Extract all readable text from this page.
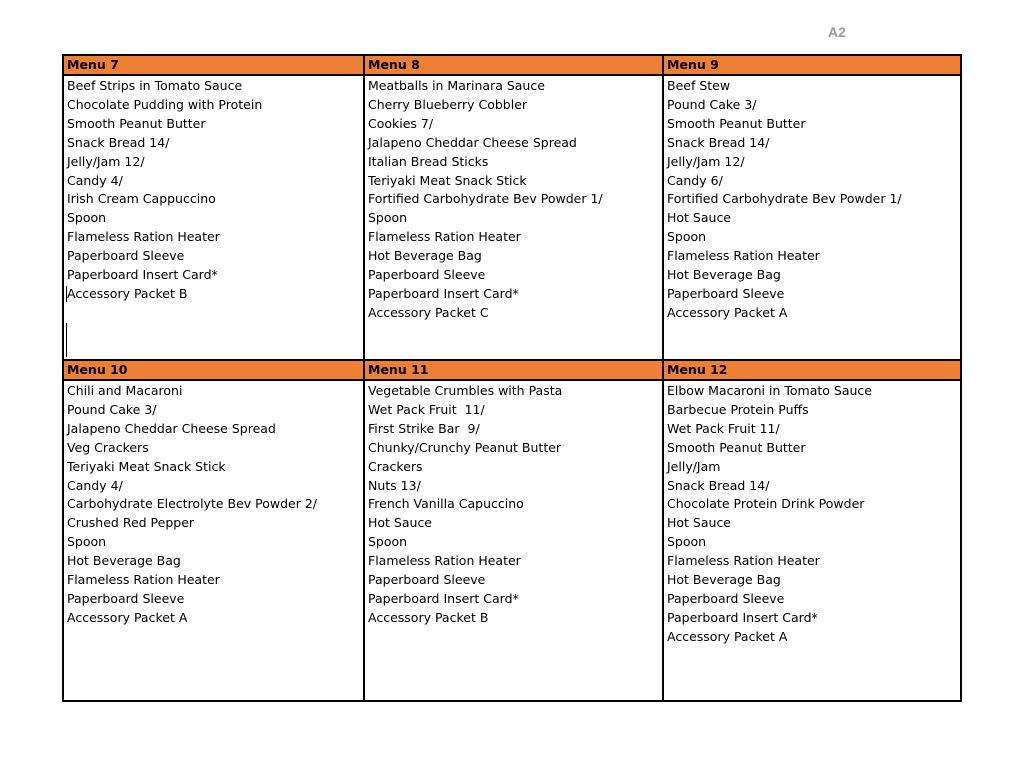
A2
Menu 7
Beef Strips in Tomato Sauce
Chocolate Pudding with Protein
Smooth Peanut Butter
Snack Bread 14/
Jelly/Jam 12/
Candy 4/
Irish Cream Cappuccino
Spoon
Flameless Ration Heater
Paperboard Sleeve
Paperboard Insert Card*
Accessory Packet B
Menu 8
Meatballs in Marinara Sauce
Cherry Blueberry Cobbler
Cookies 7/
Jalapeno Cheddar Cheese Spread
Italian Bread Sticks
Teriyaki Meat Snack Stick
Fortified Carbohydrate Bev Powder 1/
Spoon
Flameless Ration Heater
Hot Beverage Bag
Paperboard Sleeve
Paperboard Insert Card*
Accessory Packet C
Menu 9
Beef Stew
Pound Cake 3/
Smooth Peanut Butter
Snack Bread 14/
Jelly/Jam 12/
Candy 6/
Fortified Carbohydrate Bev Powder 1/
Hot Sauce
Spoon
Flameless Ration Heater
Hot Beverage Bag
Paperboard Sleeve
Accessory Packet A
Menu 10
Chili and Macaroni
Pound Cake 3/
Jalapeno Cheddar Cheese Spread
Veg Crackers
Teriyaki Meat Snack Stick
Candy 4/
Carbohydrate Electrolyte Bev Powder 2/
Crushed Red Pepper
Spoon
Hot Beverage Bag
Flameless Ration Heater
Paperboard Sleeve
Accessory Packet A
Menu 11
Vegetable Crumbles with Pasta
Wet Pack Fruit  11/
First Strike Bar  9/
Chunky/Crunchy Peanut Butter
Crackers
Nuts 13/
French Vanilla Capuccino
Hot Sauce
Spoon
Flameless Ration Heater
Paperboard Sleeve
Paperboard Insert Card*
Accessory Packet B
Menu 12
Elbow Macaroni in Tomato Sauce
Barbecue Protein Puffs
Wet Pack Fruit 11/
Smooth Peanut Butter
Jelly/Jam
Snack Bread 14/
Chocolate Protein Drink Powder
Hot Sauce
Spoon
Flameless Ration Heater
Hot Beverage Bag
Paperboard Sleeve
Paperboard Insert Card*
Accessory Packet A
